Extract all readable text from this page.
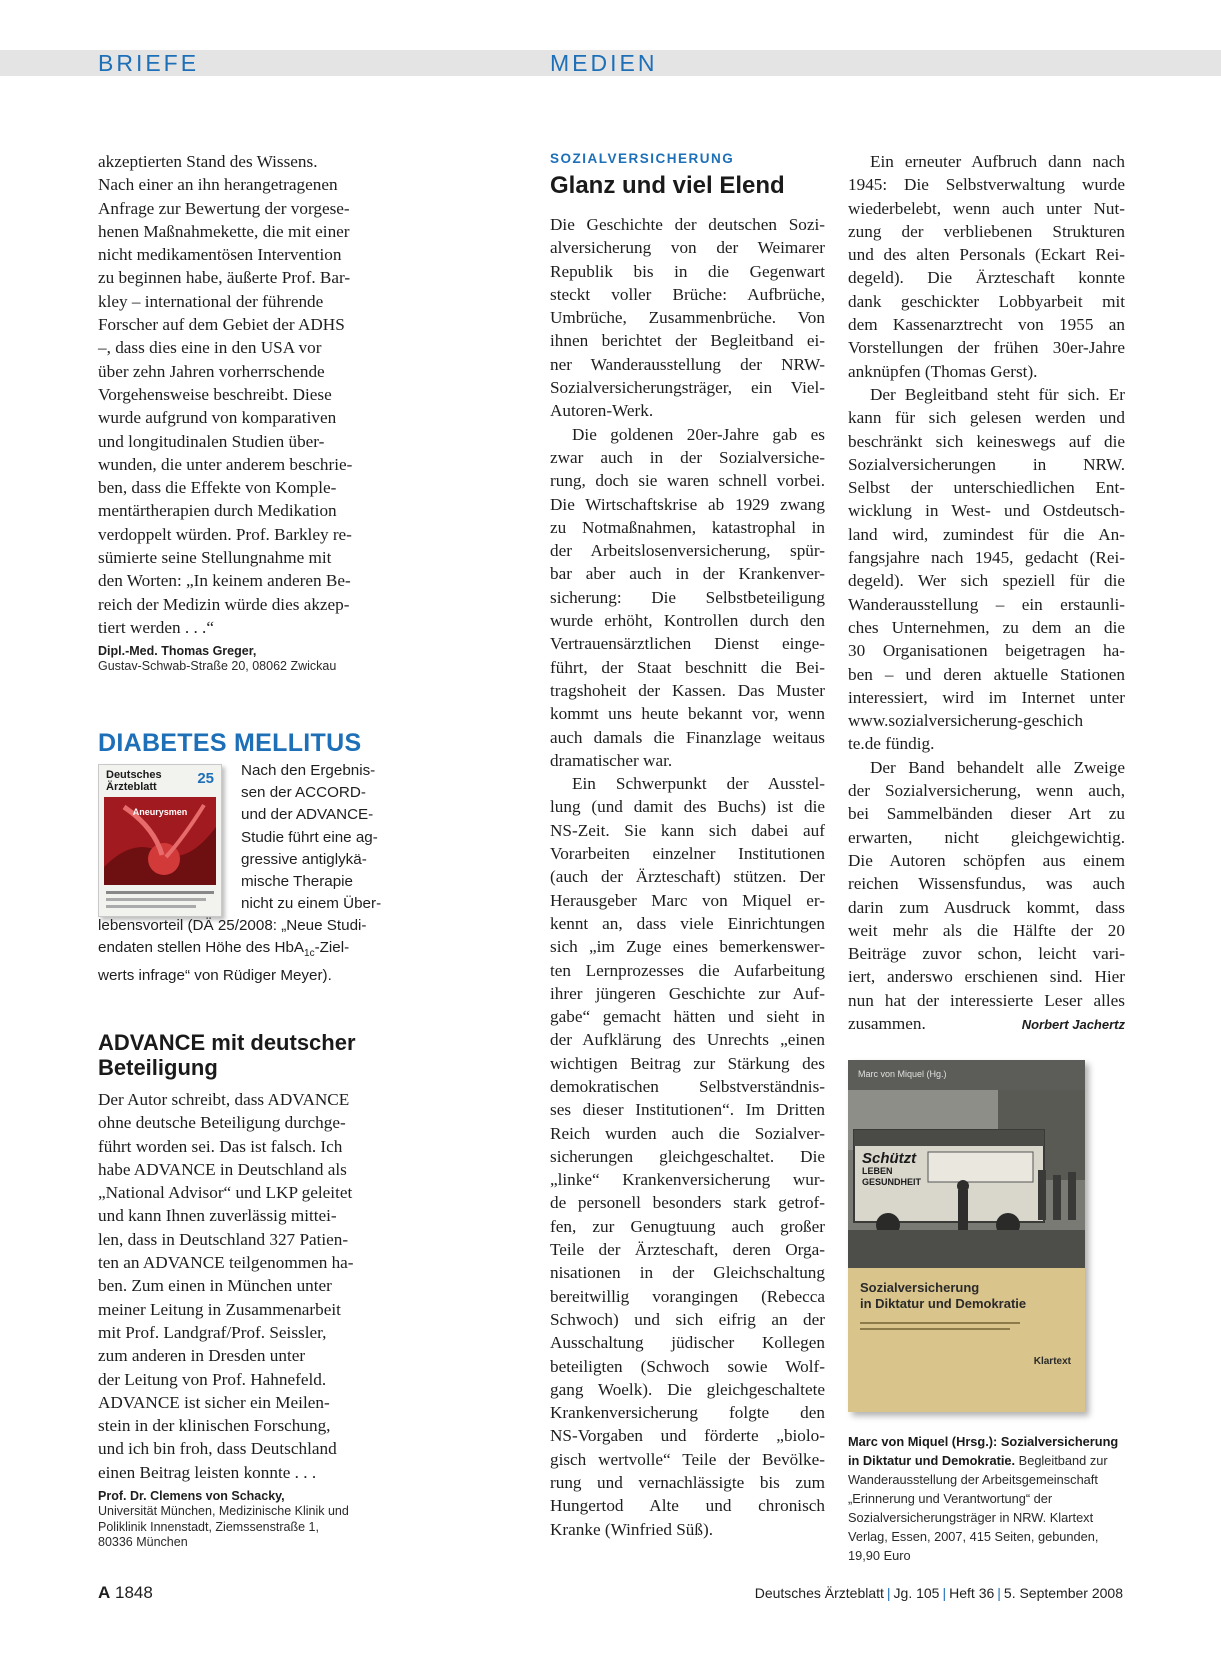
BRIEFE	MEDIEN
akzeptierten Stand des Wissens.
Nach einer an ihn herangetragenen
Anfrage zur Bewertung der vorgese-
henen Maßnahmekette, die mit einer
nicht medikamentösen Intervention
zu beginnen habe, äußerte Prof. Bar-
kley – international der führende
Forscher auf dem Gebiet der ADHS
–, dass dies eine in den USA vor
über zehn Jahren vorherrschende
Vorgehensweise beschreibt. Diese
wurde aufgrund von komparativen
und longitudinalen Studien über-
wunden, die unter anderem beschrie-
ben, dass die Effekte von Komple-
mentärtherapien durch Medikation
verdoppelt würden. Prof. Barkley re-
sümierte seine Stellungnahme mit
den Worten: „In keinem anderen Be-
reich der Medizin würde dies akzep-
tiert werden . . .“
Dipl.-Med. Thomas Greger,
Gustav-Schwab-Straße 20, 08062 Zwickau
DIABETES MELLITUS
Deutsches
Ärzteblatt	25
Aneurysmen
Nach den Ergebnis-
sen der ACCORD-
und der ADVANCE-
Studie führt eine ag-
gressive antiglykä-
mische Therapie
nicht zu einem Über-
lebensvorteil (DÄ 25/2008: „Neue Studi-
endaten stellen Höhe des HbA$_{1c}$-Ziel-
werts infrage“ von Rüdiger Meyer).
ADVANCE mit deutscher
Beteiligung
Der Autor schreibt, dass ADVANCE
ohne deutsche Beteiligung durchge-
führt worden sei. Das ist falsch. Ich
habe ADVANCE in Deutschland als
„National Advisor“ und LKP geleitet
und kann Ihnen zuverlässig mittei-
len, dass in Deutschland 327 Patien-
ten an ADVANCE teilgenommen ha-
ben. Zum einen in München unter
meiner Leitung in Zusammenarbeit
mit Prof. Landgraf/Prof. Seissler,
zum anderen in Dresden unter
der Leitung von Prof. Hahnefeld.
ADVANCE ist sicher ein Meilen-
stein in der klinischen Forschung,
und ich bin froh, dass Deutschland
einen Beitrag leisten konnte . . .
Prof. Dr. Clemens von Schacky,
Universität München, Medizinische Klinik und
Poliklinik Innenstadt, Ziemssenstraße 1,
80336 München
SOZIALVERSICHERUNG
Glanz und viel Elend

Die Geschichte der deutschen Sozi-
alversicherung von der Weimarer
Republik bis in die Gegenwart
steckt voller Brüche: Aufbrüche,
Umbrüche, Zusammenbrüche. Von
ihnen berichtet der Begleitband ei-
ner Wanderausstellung der NRW-
Sozialversicherungsträger, ein Viel-
Autoren-Werk.

Die goldenen 20er-Jahre gab es
zwar auch in der Sozialversiche-
rung, doch sie waren schnell vorbei.
Die Wirtschaftskrise ab 1929 zwang
zu Notmaßnahmen, katastrophal in
der Arbeitslosenversicherung, spür-
bar aber auch in der Krankenver-
sicherung: Die Selbstbeteiligung
wurde erhöht, Kontrollen durch den
Vertrauensärztlichen Dienst einge-
führt, der Staat beschnitt die Bei-
tragshoheit der Kassen. Das Muster
kommt uns heute bekannt vor, wenn
auch damals die Finanzlage weitaus
dramatischer war.

Ein Schwerpunkt der Ausstel-
lung (und damit des Buchs) ist die
NS-Zeit. Sie kann sich dabei auf
Vorarbeiten einzelner Institutionen
(auch der Ärzteschaft) stützen. Der
Herausgeber Marc von Miquel er-
kennt an, dass viele Einrichtungen
sich „im Zuge eines bemerkenswer-
ten Lernprozesses die Aufarbeitung
ihrer jüngeren Geschichte zur Auf-
gabe“ gemacht hätten und sieht in
der Aufklärung des Unrechts „einen
wichtigen Beitrag zur Stärkung des
demokratischen Selbstverständnis-
ses dieser Institutionen“. Im Dritten
Reich wurden auch die Sozialver-
sicherungen gleichgeschaltet. Die
„linke“ Krankenversicherung wur-
de personell besonders stark getrof-
fen, zur Genugtuung auch großer
Teile der Ärzteschaft, deren Orga-
nisationen in der Gleichschaltung
bereitwillig vorangingen (Rebecca
Schwoch) und sich eifrig an der
Ausschaltung jüdischer Kollegen
beteiligten (Schwoch sowie Wolf-
gang Woelk). Die gleichgeschaltete
Krankenversicherung folgte den
NS-Vorgaben und förderte „biolo-
gisch wertvolle“ Teile der Bevölke-
rung und vernachlässigte bis zum
Hungertod Alte und chronisch
Kranke (Winfried Süß).

Ein erneuter Aufbruch dann nach
1945: Die Selbstverwaltung wurde
wiederbelebt, wenn auch unter Nut-
zung der verbliebenen Strukturen
und des alten Personals (Eckart Rei-
degeld). Die Ärzteschaft konnte
dank geschickter Lobbyarbeit mit
dem Kassenarztrecht von 1955 an
Vorstellungen der frühen 30er-Jahre
anknüpfen (Thomas Gerst).

Der Begleitband steht für sich. Er
kann für sich gelesen werden und
beschränkt sich keineswegs auf die
Sozialversicherungen in NRW.
Selbst der unterschiedlichen Ent-
wicklung in West- und Ostdeutsch-
land wird, zumindest für die An-
fangsjahre nach 1945, gedacht (Rei-
degeld). Wer sich speziell für die
Wanderausstellung – ein erstaunli-
ches Unternehmen, zu dem an die
30 Organisationen beigetragen ha-
ben – und deren aktuelle Stationen
interessiert, wird im Internet unter
www.sozialversicherung-geschich
te.de fündig.

Der Band behandelt alle Zweige
der Sozialversicherung, wenn auch,
bei Sammelbänden dieser Art zu
erwarten, nicht gleichgewichtig.
Die Autoren schöpfen aus einem
reichen Wissensfundus, was auch
darin zum Ausdruck kommt, dass
weit mehr als die Hälfte der 20
Beiträge zuvor schon, leicht vari-
iert, anderswo erschienen sind. Hier
nun hat der interessierte Leser alles

zusammen.	Norbert Jachertz
Marc von Miquel (Hg.)
Schützt
LEBEN
GESUNDHEIT
Sozialversicherung
in Diktatur und Demokratie
Klartext
Marc von Miquel (Hrsg.): Sozialversicherung in Diktatur und Demokratie. Begleitband zur Wanderausstellung der Arbeitsgemeinschaft „Erinnerung und Verantwortung“ der Sozialversicherungsträger in NRW. Klartext Verlag, Essen, 2007, 415 Seiten, gebunden, 19,90 Euro
A 1848	Deutsches Ärzteblatt | Jg. 105 | Heft 36 | 5. September 2008
